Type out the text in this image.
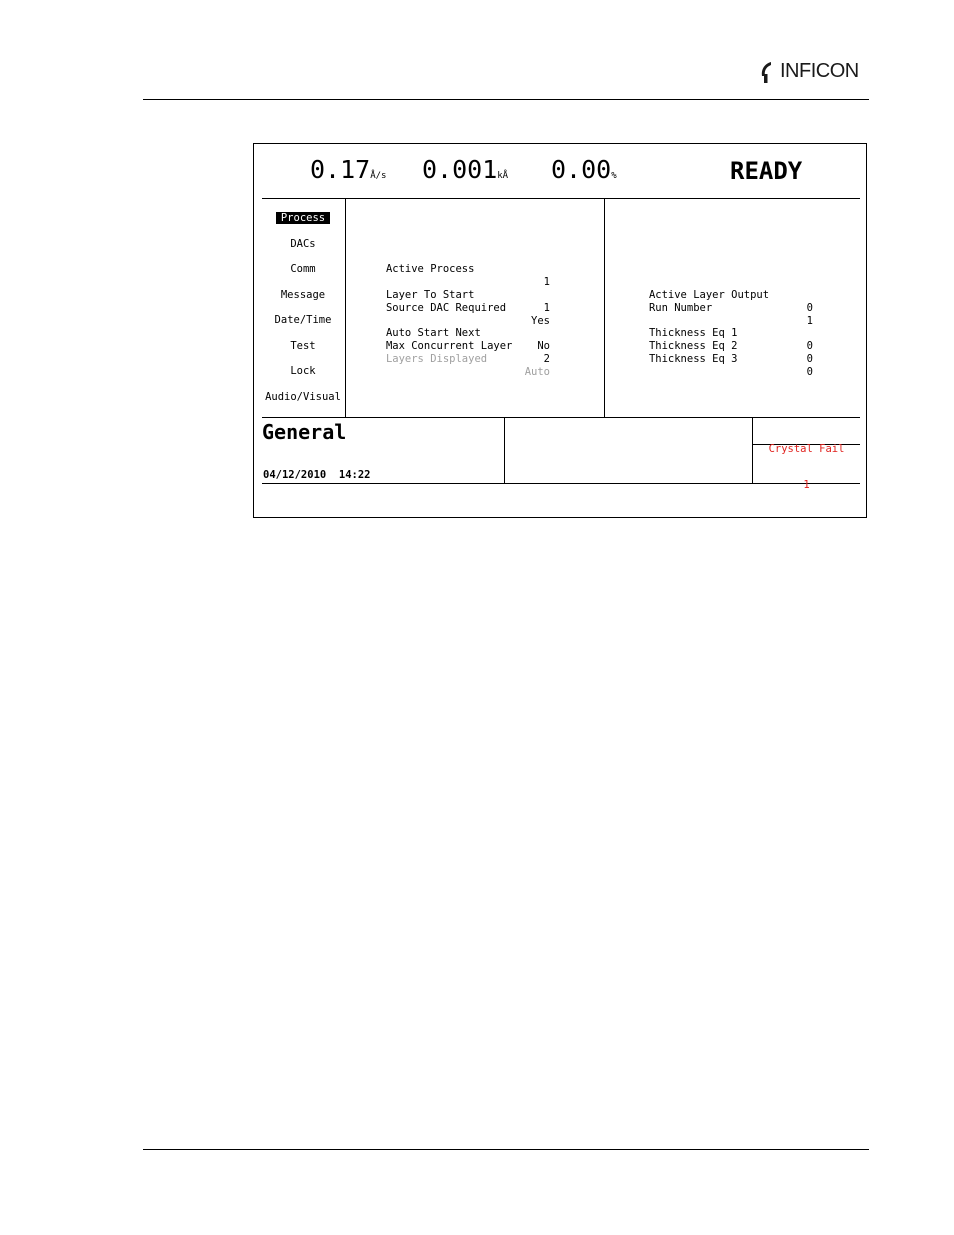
INFICON
0.17Å/s 0.001kÅ 0.00%	READY

Process

DACs

Comm

Message

Date/Time

Test

Lock

Audio/Visual

Active Process

1

Layer To Start

1

Source DAC Required

Yes

Auto Start Next

No

Max Concurrent Layer

2

Layers Displayed

Auto

Active Layer Output

0

Run Number

1

Thickness Eq 1

0

Thickness Eq 2

0

Thickness Eq 3

0

General
04/12/2010 14:22

Crystal Fail

1
